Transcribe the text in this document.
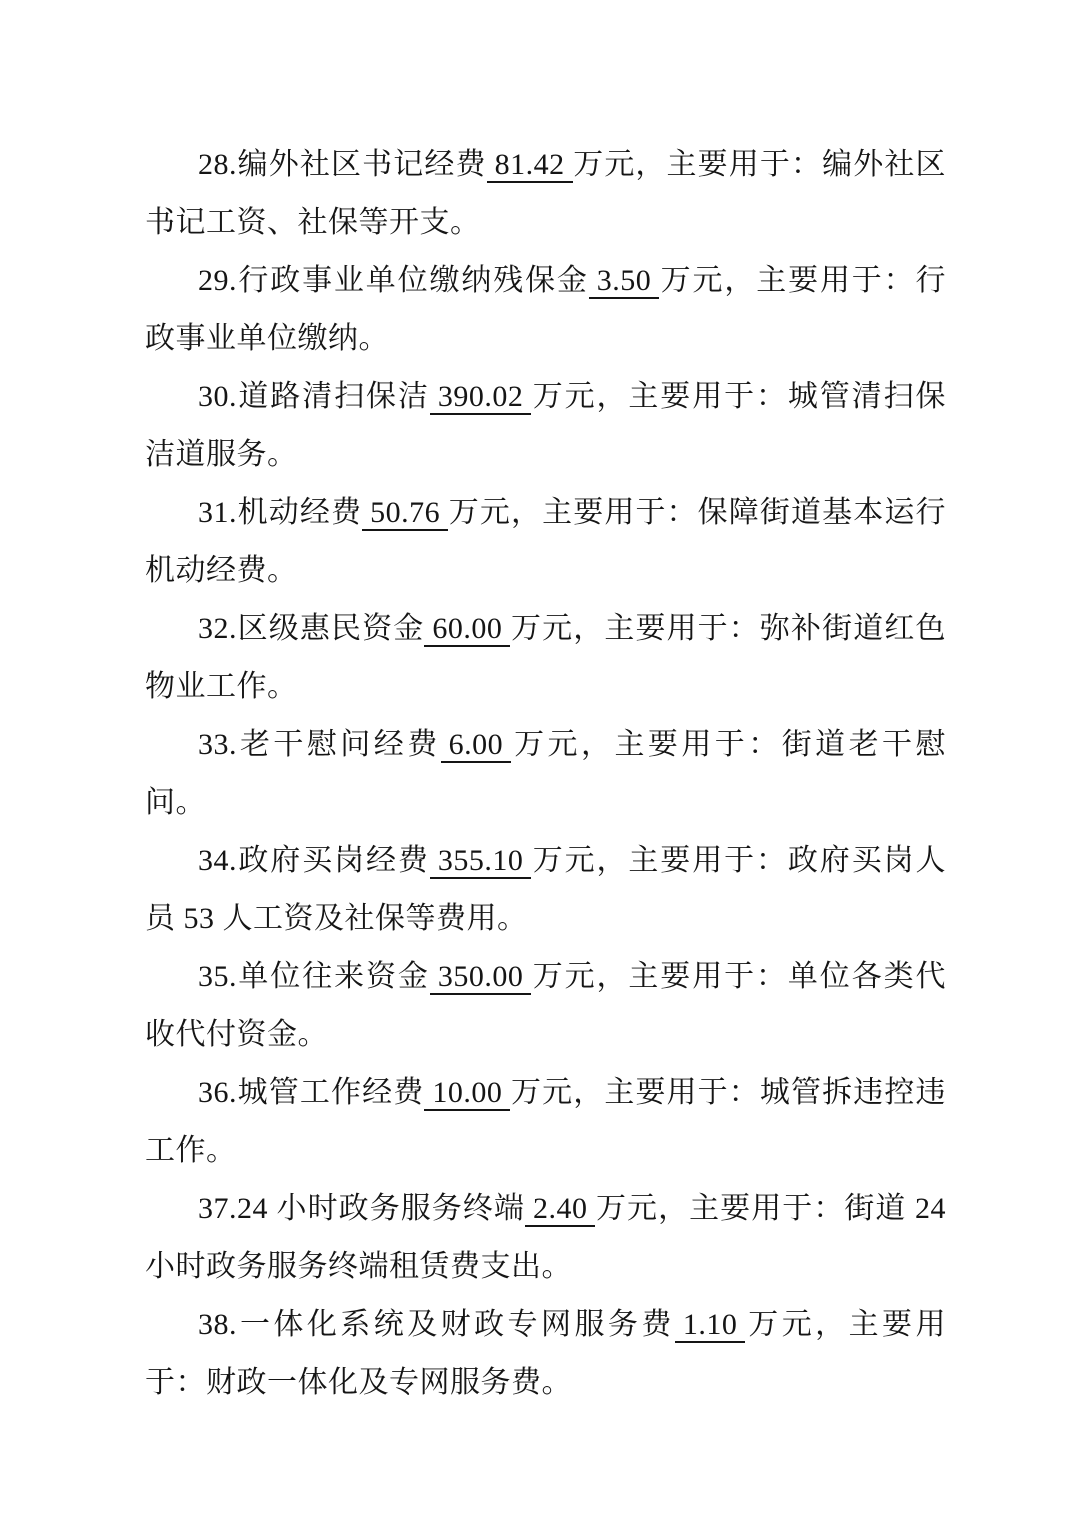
28.编外社区书记经费 81.42 万元，主要用于：编外社区书记工资、社保等开支。

29.行政事业单位缴纳残保金 3.50 万元，主要用于：行政事业单位缴纳。

30.道路清扫保洁 390.02 万元，主要用于：城管清扫保洁道服务。

31.机动经费 50.76 万元，主要用于：保障街道基本运行机动经费。

32.区级惠民资金 60.00 万元，主要用于：弥补街道红色物业工作。

33.老干慰问经费 6.00 万元，主要用于：街道老干慰问。

34.政府买岗经费 355.10 万元，主要用于：政府买岗人员 53 人工资及社保等费用。

35.单位往来资金 350.00 万元，主要用于：单位各类代收代付资金。

36.城管工作经费 10.00 万元，主要用于：城管拆违控违工作。

37.24 小时政务服务终端 2.40 万元，主要用于：街道 24 小时政务服务终端租赁费支出。

38.一体化系统及财政专网服务费 1.10 万元，主要用于：财政一体化及专网服务费。
